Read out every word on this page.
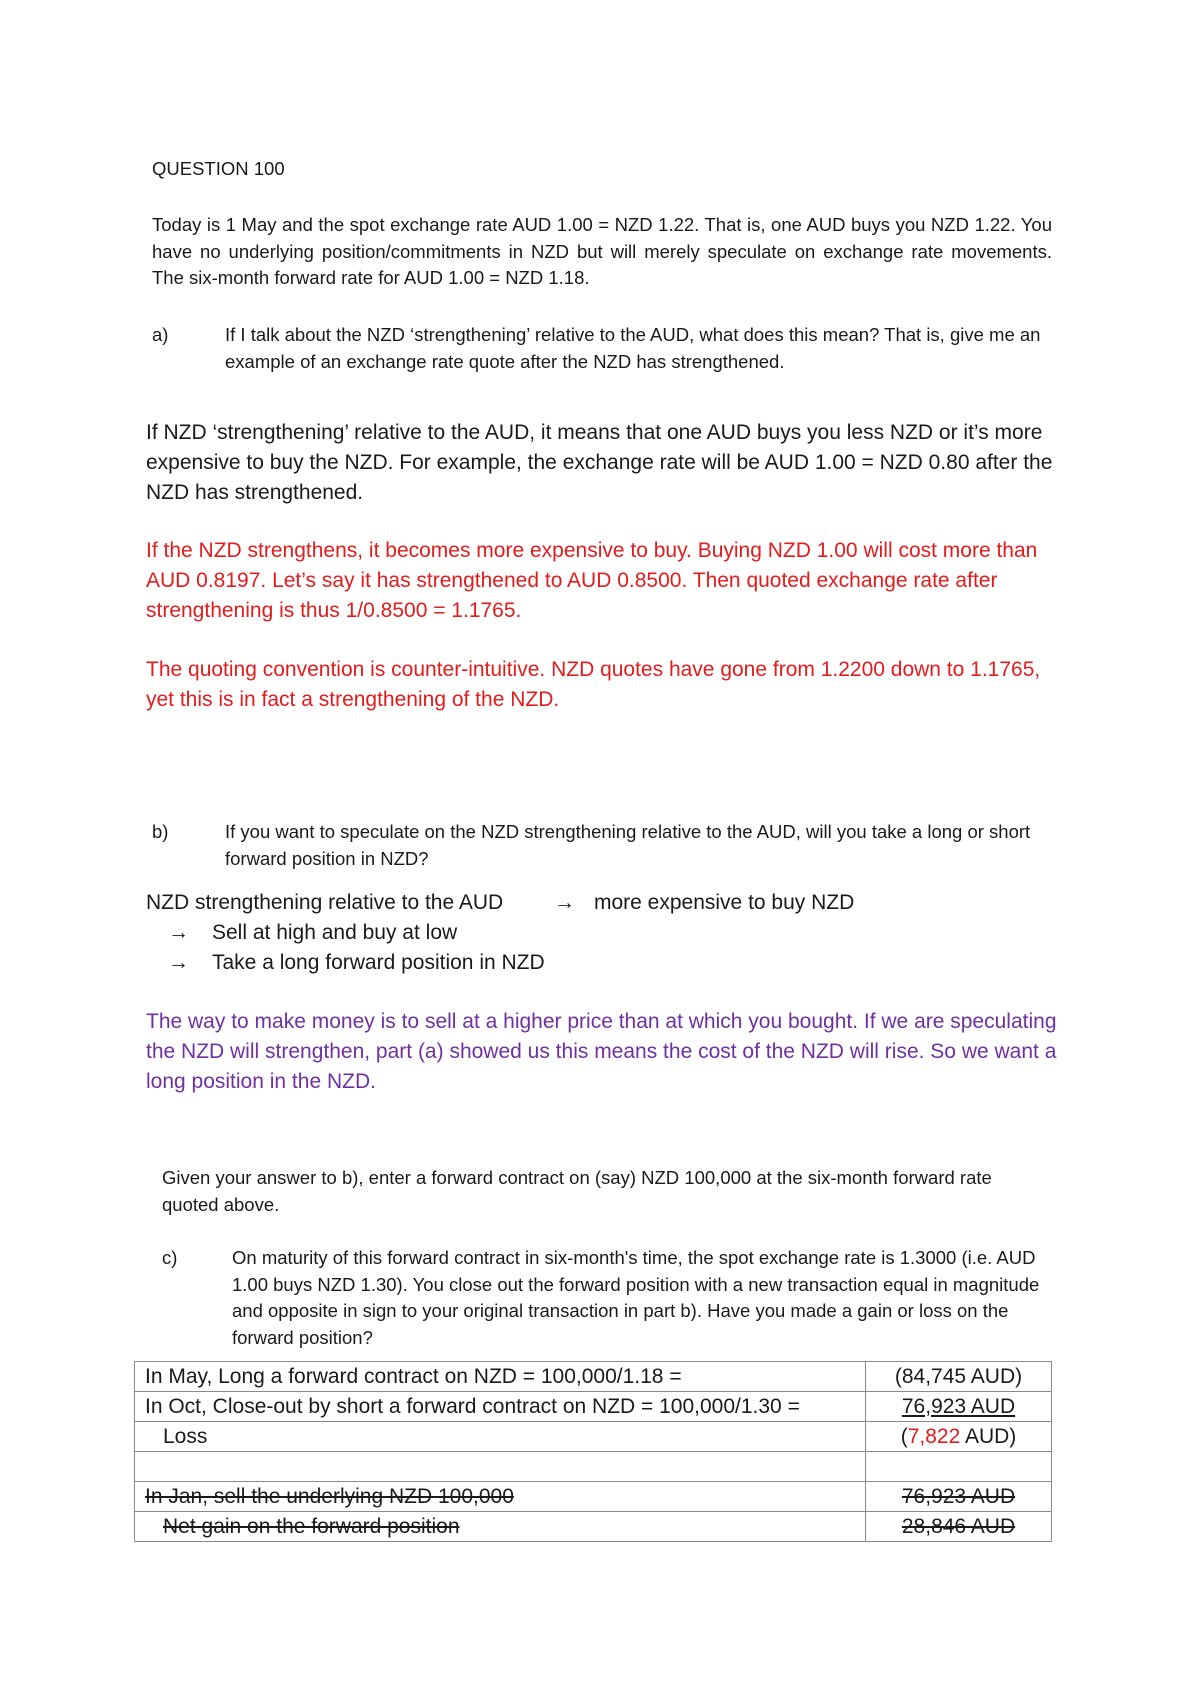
QUESTION 100
Today is 1 May and the spot exchange rate AUD 1.00 = NZD 1.22. That is, one AUD buys you NZD 1.22. You have no underlying position/commitments in NZD but will merely speculate on exchange rate movements. The six-month forward rate for AUD 1.00 = NZD 1.18.
a)	If I talk about the NZD ‘strengthening’ relative to the AUD, what does this mean? That is, give me an example of an exchange rate quote after the NZD has strengthened.
If NZD ‘strengthening’ relative to the AUD, it means that one AUD buys you less NZD or it’s more expensive to buy the NZD. For example, the exchange rate will be AUD 1.00 = NZD 0.80 after the NZD has strengthened.
If the NZD strengthens, it becomes more expensive to buy. Buying NZD 1.00 will cost more than AUD 0.8197. Let’s say it has strengthened to AUD 0.8500. Then quoted exchange rate after strengthening is thus 1/0.8500 = 1.1765.
The quoting convention is counter-intuitive. NZD quotes have gone from 1.2200 down to 1.1765, yet this is in fact a strengthening of the NZD.
b)	If you want to speculate on the NZD strengthening relative to the AUD, will you take a long or short forward position in NZD?
NZD strengthening relative to the AUD → more expensive to buy NZD
→ Sell at high and buy at low
→ Take a long forward position in NZD
The way to make money is to sell at a higher price than at which you bought. If we are speculating the NZD will strengthen, part (a) showed us this means the cost of the NZD will rise. So we want a long position in the NZD.
Given your answer to b), enter a forward contract on (say) NZD 100,000 at the six-month forward rate quoted above.
c)	On maturity of this forward contract in six-month's time, the spot exchange rate is 1.3000 (i.e. AUD 1.00 buys NZD 1.30). You close out the forward position with a new transaction equal in magnitude and opposite in sign to your original transaction in part b). Have you made a gain or loss on the forward position?
In May, Long a forward contract on NZD = 100,000/1.18 =	(84,745 AUD)
In Oct, Close-out by short a forward contract on NZD = 100,000/1.30 =	76,923 AUD
Loss	(7,822 AUD)

In Jan, sell the underlying NZD 100,000	76,923 AUD
Net gain on the forward position	28,846 AUD
